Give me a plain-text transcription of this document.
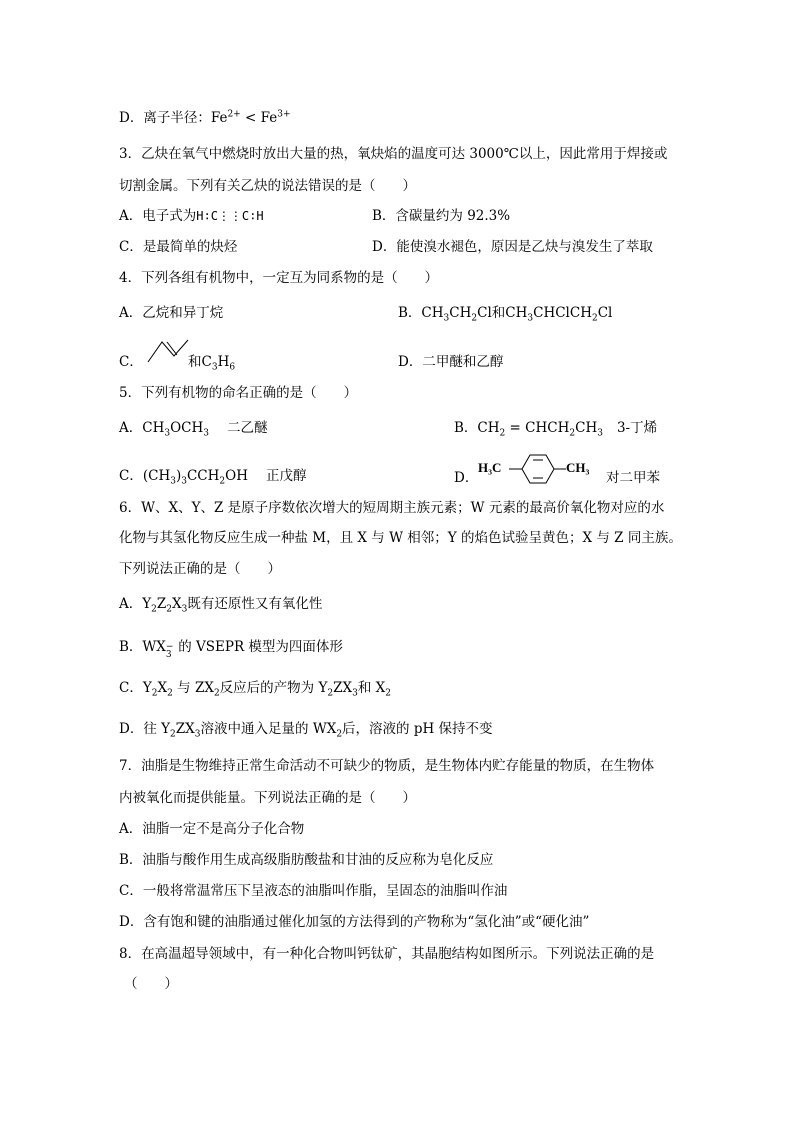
D．离子半径：$Fe^{2+} < Fe^{3+}$
3．乙炔在氧气中燃烧时放出大量的热，氧炔焰的温度可达 3000℃以上，因此常用于焊接或
切割金属。下列有关乙炔的说法错误的是（　　）
A．电子式为H∶C⋮⋮C∶H	B．含碳量约为 92.3%
C．是最简单的炔烃	D．能使溴水褪色，原因是乙炔与溴发生了萃取
4．下列各组有机物中，一定互为同系物的是（　　）
A．乙烷和异丁烷	B．$CH_3CH_2Cl$和$CH_3CHClCH_2Cl$
C．	和$C_3H_6$	D．二甲醚和乙醇
5．下列有机物的命名正确的是（　　）
A．$CH_3OCH_3$ 二乙醚	B．$CH_2$ = $CHCH_2CH_3$ 3-丁烯
C．$(CH_3)_3CCH_2OH$ 正戊醇	D．
H₃C	CH₃
对二甲苯
6．W、X、Y、Z 是原子序数依次增大的短周期主族元素；W 元素的最高价氧化物对应的水
化物与其氢化物反应生成一种盐 M，且 X 与 W 相邻；Y 的焰色试验呈黄色；X 与 Z 同主族。
下列说法正确的是（　　）
A．$Y_2Z_2X_3$既有还原性又有氧化性
B．WX 3
− 的 VSEPR 模型为四面体形
C．$Y_2X_2$ 与 $ZX_2$反应后的产物为 $Y_2ZX_3$和 $X_2$
D．往 $Y_2ZX_3$溶液中通入足量的 $WX_2$后，溶液的 pH 保持不变
7．油脂是生物维持正常生命活动不可缺少的物质，是生物体内贮存能量的物质，在生物体
内被氧化而提供能量。下列说法正确的是（　　）
A．油脂一定不是高分子化合物
B．油脂与酸作用生成高级脂肪酸盐和甘油的反应称为皂化反应
C．一般将常温常压下呈液态的油脂叫作脂，呈固态的油脂叫作油
D．含有饱和键的油脂通过催化加氢的方法得到的产物称为“氢化油”或“硬化油”
8．在高温超导领域中，有一种化合物叫钙钛矿，其晶胞结构如图所示。下列说法正确的是
（　　）
